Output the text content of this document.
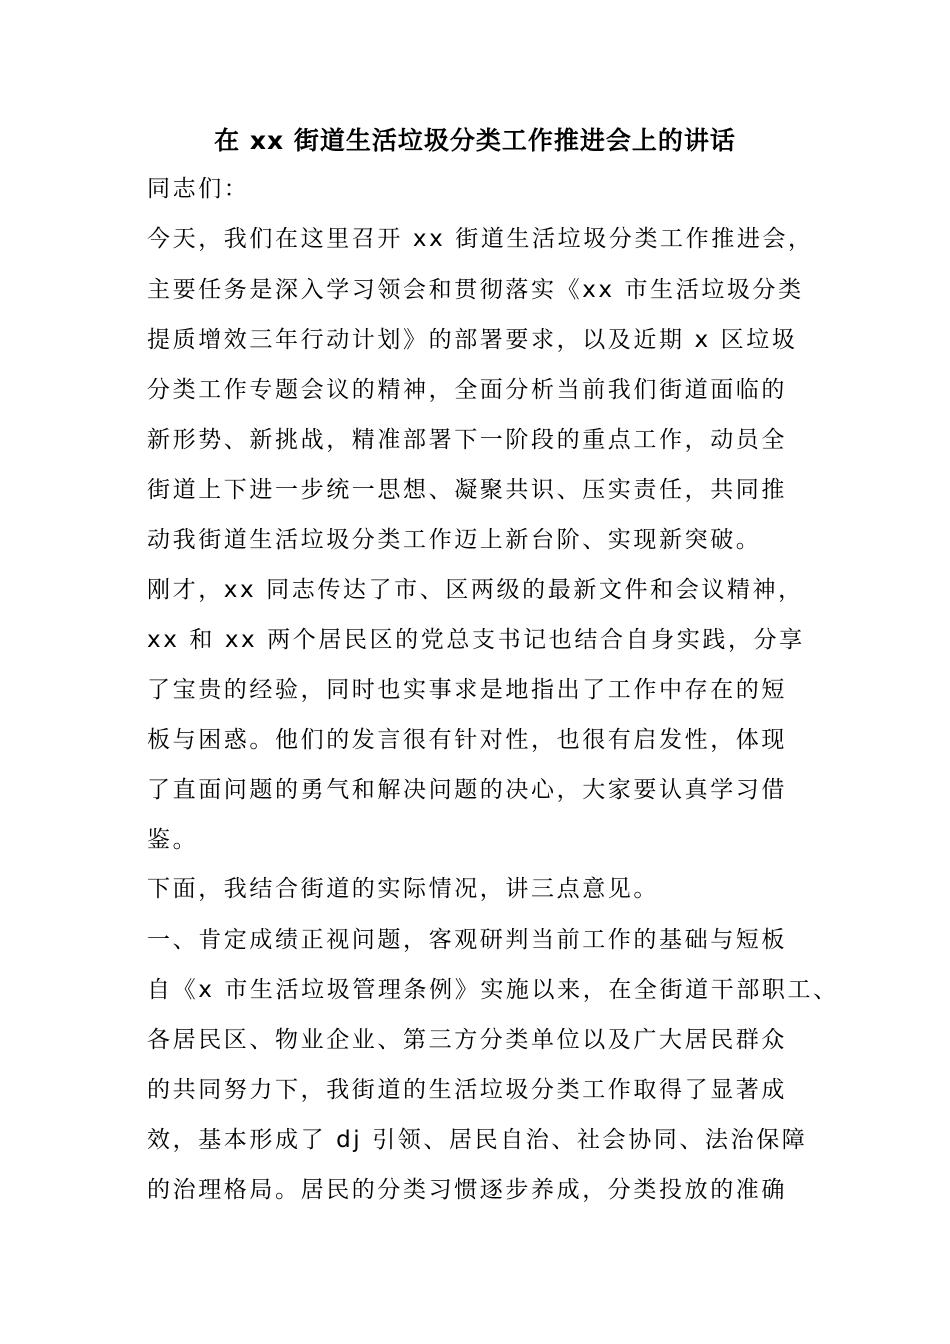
在 xx 街道生活垃圾分类工作推进会上的讲话
同志们：
今天，我们在这里召开 xx 街道生活垃圾分类工作推进会，
主要任务是深入学习领会和贯彻落实《xx 市生活垃圾分类
提质增效三年行动计划》的部署要求，以及近期 x 区垃圾
分类工作专题会议的精神，全面分析当前我们街道面临的
新形势、新挑战，精准部署下一阶段的重点工作，动员全
街道上下进一步统一思想、凝聚共识、压实责任，共同推
动我街道生活垃圾分类工作迈上新台阶、实现新突破。
刚才，xx 同志传达了市、区两级的最新文件和会议精神，
xx 和 xx 两个居民区的党总支书记也结合自身实践，分享
了宝贵的经验，同时也实事求是地指出了工作中存在的短
板与困惑。他们的发言很有针对性，也很有启发性，体现
了直面问题的勇气和解决问题的决心，大家要认真学习借
鉴。
下面，我结合街道的实际情况，讲三点意见。
一、肯定成绩正视问题，客观研判当前工作的基础与短板
自《x 市生活垃圾管理条例》实施以来，在全街道干部职工、
各居民区、物业企业、第三方分类单位以及广大居民群众
的共同努力下，我街道的生活垃圾分类工作取得了显著成
效，基本形成了 dj 引领、居民自治、社会协同、法治保障
的治理格局。居民的分类习惯逐步养成，分类投放的准确
